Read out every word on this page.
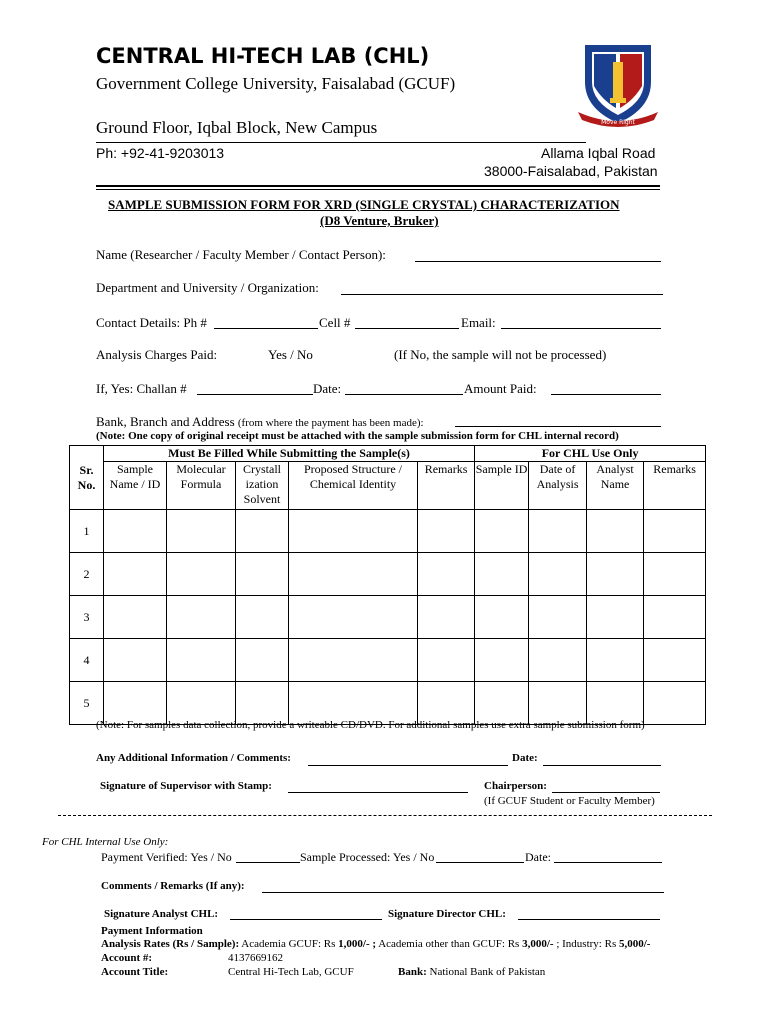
CENTRAL HI-TECH LAB (CHL)
Government College University, Faisalabad (GCUF)
Ground Floor, Iqbal Block, New Campus
Ph: +92-41-9203013	Allama Iqbal Road
38000-Faisalabad, Pakistan
Move Right
SAMPLE SUBMISSION FORM FOR XRD (SINGLE CRYSTAL) CHARACTERIZATION
(D8 Venture, Bruker)
Name (Researcher / Faculty Member / Contact Person):
Department and University / Organization:
Contact Details: Ph #	Cell #	Email:
Analysis Charges Paid:	Yes / No	(If No, the sample will not be processed)
If, Yes: Challan #	Date:	Amount Paid:
Bank, Branch and Address (from where the payment has been made):
(Note: One copy of original receipt must be attached with the sample submission form for CHL internal record)
Sr. No.	Must Be Filled While Submitting the Sample(s)					For CHL Use Only			
	Sample Name / ID	Molecular Formula	Crystall ization Solvent	Proposed Structure / Chemical Identity	Remarks	Sample ID	Date of Analysis	Analyst Name	Remarks
1									
2									
3									
4									
5									
(Note: For samples data collection, provide a writeable CD/DVD. For additional samples use extra sample submission form)
Any Additional Information / Comments:	Date:
Signature of Supervisor with Stamp:	Chairperson:
(If GCUF Student or Faculty Member)
For CHL Internal Use Only:
Payment Verified: Yes / No	Sample Processed: Yes / No	Date:
Comments / Remarks (If any):
Signature Analyst CHL:	Signature Director CHL:
Payment Information
Analysis Rates (Rs / Sample): Academia GCUF: Rs 1,000/- ; Academia other than GCUF: Rs 3,000/- ; Industry: Rs 5,000/-
Account #:	4137669162
Account Title:	Central Hi-Tech Lab, GCUF	Bank: National Bank of Pakistan
